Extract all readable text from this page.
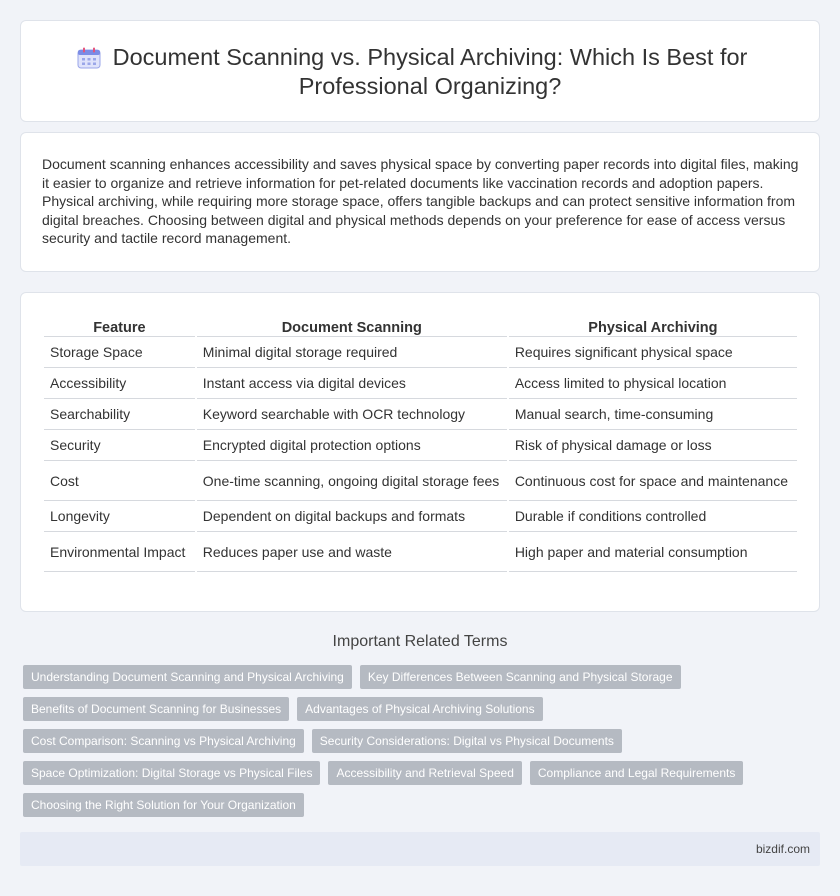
Document Scanning vs. Physical Archiving: Which Is Best for Professional Organizing?

Document scanning enhances accessibility and saves physical space by converting paper records into digital files, making it easier to organize and retrieve information for pet-related documents like vaccination records and adoption papers. Physical archiving, while requiring more storage space, offers tangible backups and can protect sensitive information from digital breaches. Choosing between digital and physical methods depends on your preference for ease of access versus security and tactile record management.

Feature	Document Scanning	Physical Archiving
Storage Space	Minimal digital storage required	Requires significant physical space
Accessibility	Instant access via digital devices	Access limited to physical location
Searchability	Keyword searchable with OCR technology	Manual search, time-consuming
Security	Encrypted digital protection options	Risk of physical damage or loss
Cost	One-time scanning, ongoing digital storage fees	Continuous cost for space and maintenance
Longevity	Dependent on digital backups and formats	Durable if conditions controlled
Environmental Impact	Reduces paper use and waste	High paper and material consumption
Important Related Terms
Understanding Document Scanning and Physical Archiving	Key Differences Between Scanning and Physical Storage
Benefits of Document Scanning for Businesses	Advantages of Physical Archiving Solutions
Cost Comparison: Scanning vs Physical Archiving	Security Considerations: Digital vs Physical Documents
Space Optimization: Digital Storage vs Physical Files	Accessibility and Retrieval Speed	Compliance and Legal Requirements
Choosing the Right Solution for Your Organization
bizdif.com
